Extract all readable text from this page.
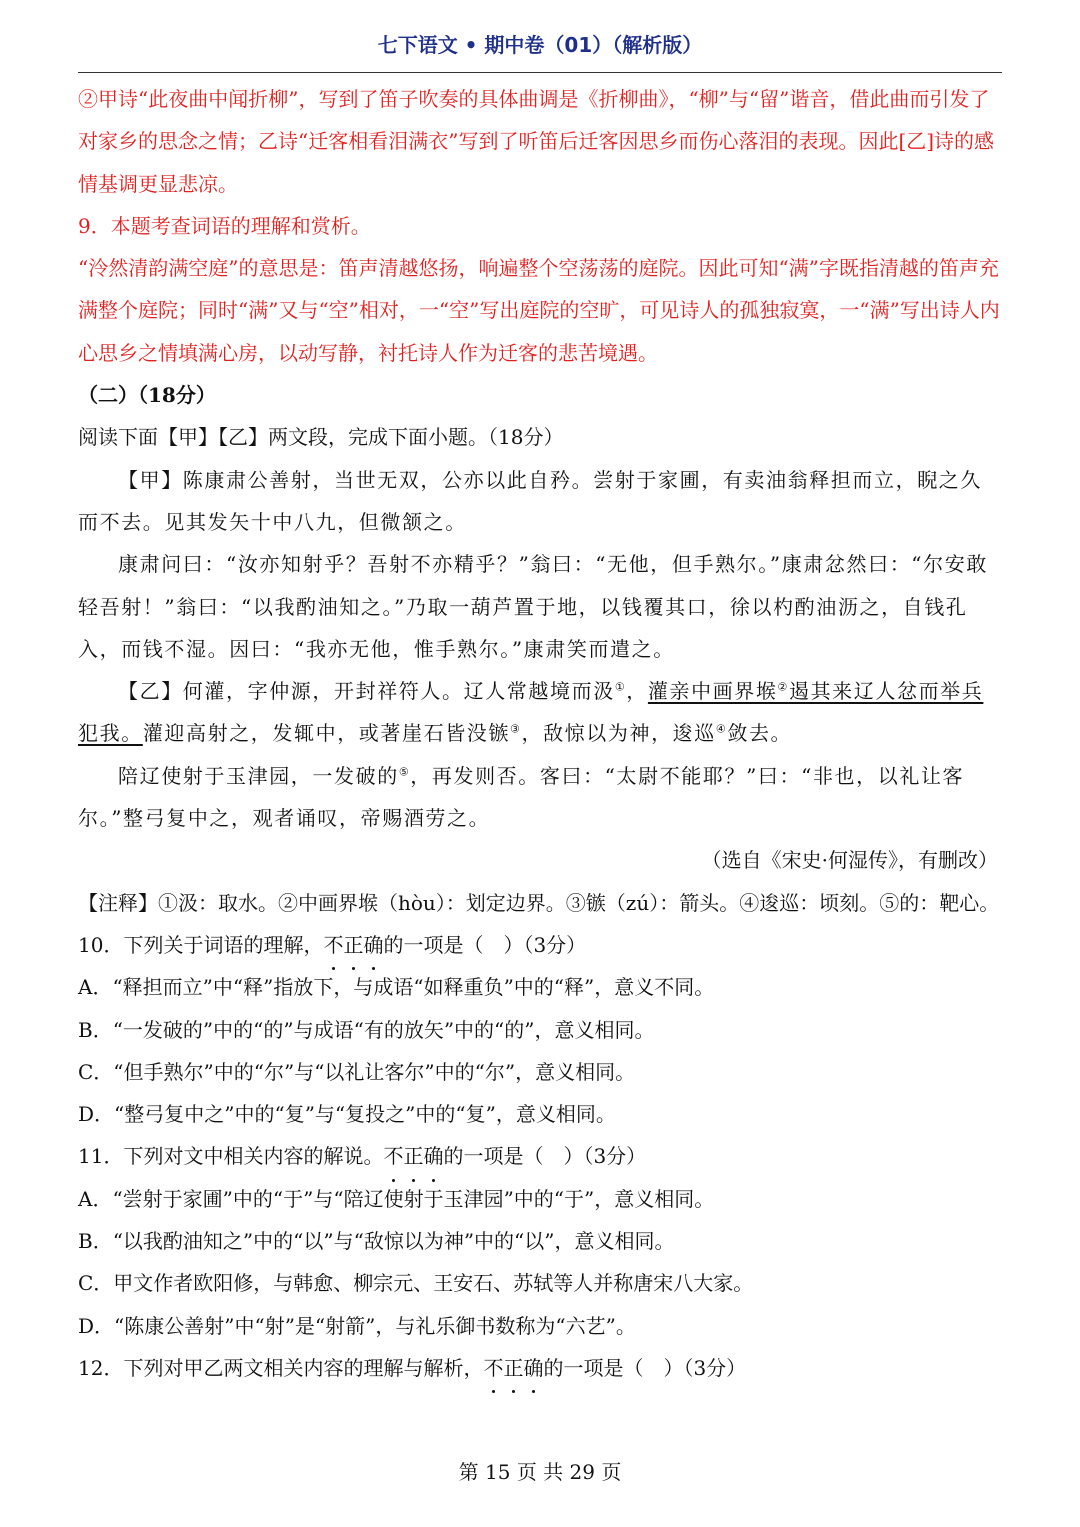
七下语文 • 期中卷（01）（解析版）

②甲诗“此夜曲中闻折柳”，写到了笛子吹奏的具体曲调是《折柳曲》，“柳”与“留”谐音，借此曲而引发了对家乡的思念之情；乙诗“迁客相看泪满衣”写到了听笛后迁客因思乡而伤心落泪的表现。因此[乙]诗的感情基调更显悲凉。

9．本题考查词语的理解和赏析。

“泠然清韵满空庭”的意思是：笛声清越悠扬，响遍整个空荡荡的庭院。因此可知“满”字既指清越的笛声充满整个庭院；同时“满”又与“空”相对，一“空”写出庭院的空旷，可见诗人的孤独寂寞，一“满”写出诗人内心思乡之情填满心房，以动写静，衬托诗人作为迁客的悲苦境遇。

（二）（18分）

阅读下面【甲】【乙】两文段，完成下面小题。（18分）

【甲】陈康肃公善射，当世无双，公亦以此自矜。尝射于家圃，有卖油翁释担而立，睨之久而不去。见其发矢十中八九，但微颔之。

康肃问曰：“汝亦知射乎？吾射不亦精乎？”翁曰：“无他，但手熟尔。”康肃忿然曰：“尔安敢轻吾射！”翁曰：“以我酌油知之。”乃取一葫芦置于地，以钱覆其口，徐以杓酌油沥之，自钱孔入，而钱不湿。因曰：“我亦无他，惟手熟尔。”康肃笑而遣之。

【乙】何灌，字仲源，开封祥符人。辽人常越境而汲①，灌亲中画界堠②遏其来辽人忿而举兵犯我。灌迎高射之，发辄中，或著崖石皆没镞③，敌惊以为神，逡巡④敛去。

陪辽使射于玉津园，一发破的⑤，再发则否。客曰：“太尉不能耶？”曰：“非也，以礼让客尔。”整弓复中之，观者诵叹，帝赐酒劳之。

（选自《宋史·何湿传》，有删改）

【注释】①汲：取水。②中画界堠（hòu）：划定边界。③镞（zú）：箭头。④逡巡：顷刻。⑤的：靶心。

10．下列关于词语的理解，不正确的一项是（　）（3分）

A．“释担而立”中“释”指放下，与成语“如释重负”中的“释”，意义不同。

B．“一发破的”中的“的”与成语“有的放矢”中的“的”，意义相同。

C．“但手熟尔”中的“尔”与“以礼让客尔”中的“尔”，意义相同。

D．“整弓复中之”中的“复”与“复投之”中的“复”，意义相同。

11．下列对文中相关内容的解说。不正确的一项是（　）（3分）

A．“尝射于家圃”中的“于”与“陪辽使射于玉津园”中的“于”，意义相同。

B．“以我酌油知之”中的“以”与“敌惊以为神”中的“以”，意义相同。

C．甲文作者欧阳修，与韩愈、柳宗元、王安石、苏轼等人并称唐宋八大家。

D．“陈康公善射”中“射”是“射箭”，与礼乐御书数称为“六艺”。

12．下列对甲乙两文相关内容的理解与解析，不正确的一项是（　）（3分）

第 15 页 共 29 页
